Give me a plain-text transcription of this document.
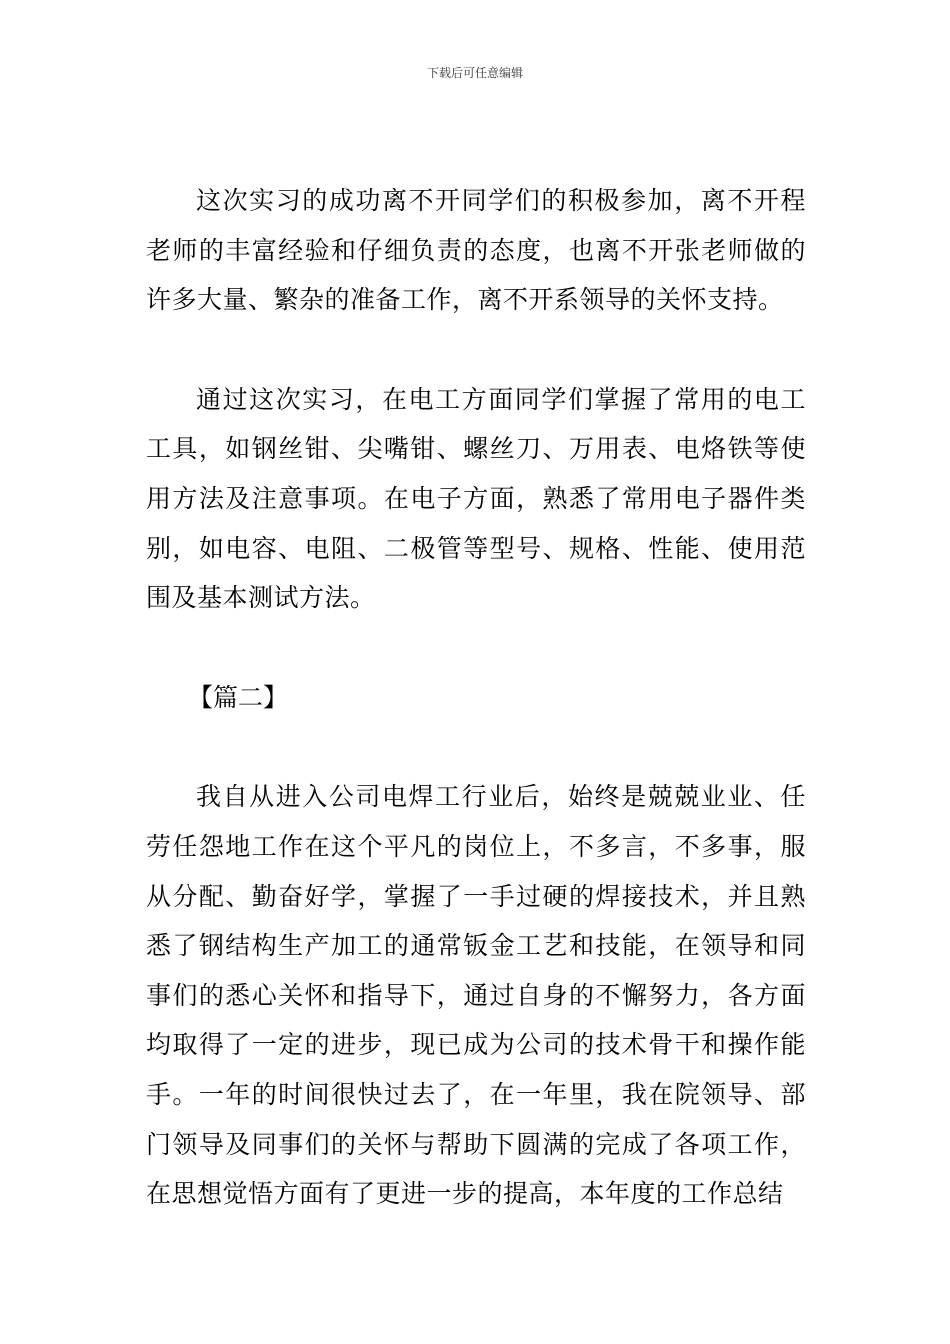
下载后可任意编辑

这次实习的成功离不开同学们的积极参加，离不开程老师的丰富经验和仔细负责的态度，也离不开张老师做的许多大量、繁杂的准备工作，离不开系领导的关怀支持。

通过这次实习，在电工方面同学们掌握了常用的电工工具，如钢丝钳、尖嘴钳、螺丝刀、万用表、电烙铁等使用方法及注意事项。在电子方面，熟悉了常用电子器件类别，如电容、电阻、二极管等型号、规格、性能、使用范围及基本测试方法。

【篇二】

我自从进入公司电焊工行业后，始终是兢兢业业、任劳任怨地工作在这个平凡的岗位上，不多言，不多事，服从分配、勤奋好学，掌握了一手过硬的焊接技术，并且熟悉了钢结构生产加工的通常钣金工艺和技能，在领导和同事们的悉心关怀和指导下，通过自身的不懈努力，各方面均取得了一定的进步，现已成为公司的技术骨干和操作能手。一年的时间很快过去了，在一年里，我在院领导、部门领导及同事们的关怀与帮助下圆满的完成了各项工作，在思想觉悟方面有了更进一步的提高，本年度的工作总结
